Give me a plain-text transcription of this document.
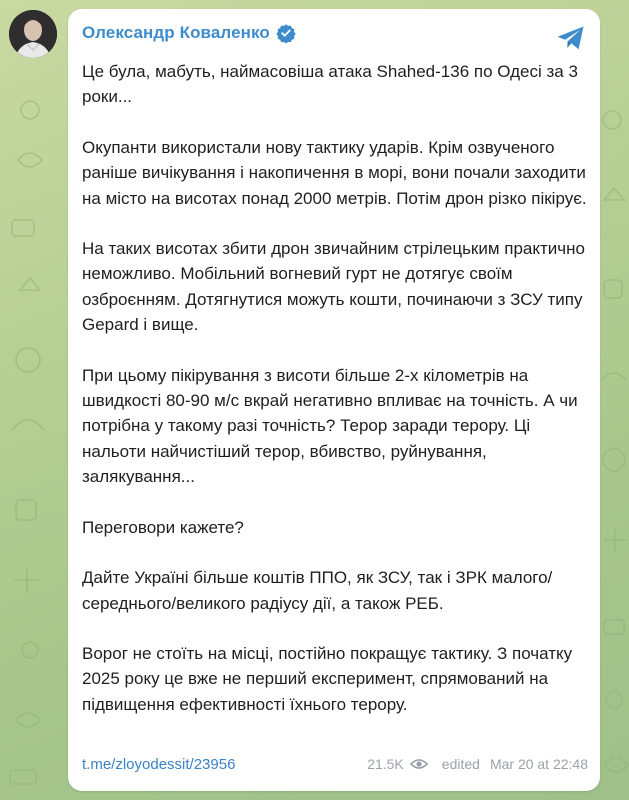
Олександр Коваленко

Це була, мабуть, наймасовіша атака Shahed-136 по Одесі за 3 роки...

Окупанти використали нову тактику ударів. Крім озвученого раніше вичікування і накопичення в морі, вони почали заходити на місто на висотах понад 2000 метрів. Потім дрон різко пікірує.

На таких висотах збити дрон звичайним стрілецьким практично неможливо. Мобільний вогневий гурт не дотягує своїм озброєнням. Дотягнутися можуть кошти, починаючи з ЗСУ типу Gepard і вище.

При цьому пікірування з висоти більше 2-х кілометрів на швидкості 80-90 м/с вкрай негативно впливає на точність. А чи потрібна у такому разі точність? Терор заради терору. Ці нальоти найчистіший терор, вбивство, руйнування, залякування...

Переговори кажете?

Дайте Україні більше коштів ППО, як ЗСУ, так і ЗРК малого/середнього/великого радіусу дії, а також РЕБ.

Ворог не стоїть на місці, постійно покращує тактику. З початку 2025 року це вже не перший експеримент, спрямований на підвищення ефективності їхнього терору.

t.me/zloyodessit/23956	21.5K	edited Mar 20 at 22:48
